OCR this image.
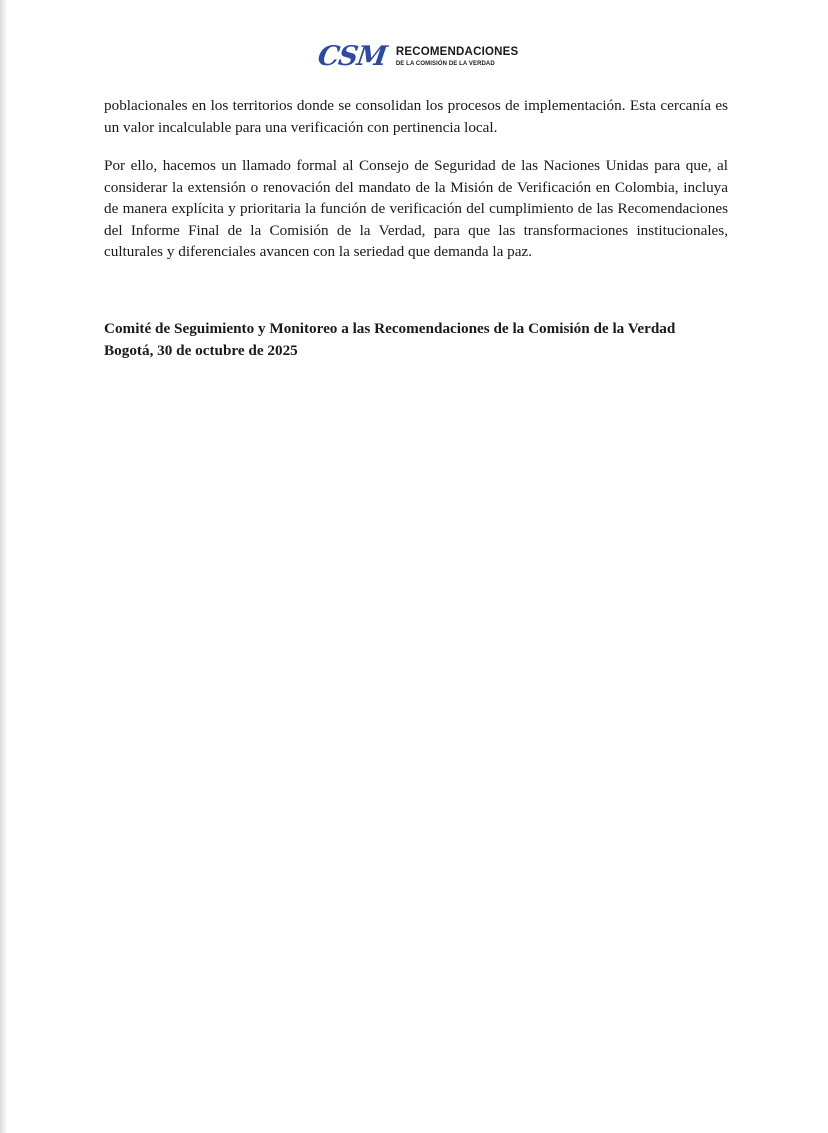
CSM RECOMENDACIONES
DE LA COMISIÓN DE LA VERDAD

poblacionales en los territorios donde se consolidan los procesos de implementación. Esta cercanía es un valor incalculable para una verificación con pertinencia local.

Por ello, hacemos un llamado formal al Consejo de Seguridad de las Naciones Unidas para que, al considerar la extensión o renovación del mandato de la Misión de Verificación en Colombia, incluya de manera explícita y prioritaria la función de verificación del cumplimiento de las Recomendaciones del Informe Final de la Comisión de la Verdad, para que las transformaciones institucionales, culturales y diferenciales avancen con la seriedad que demanda la paz.

Comité de Seguimiento y Monitoreo a las Recomendaciones de la Comisión de la Verdad
Bogotá, 30 de octubre de 2025
